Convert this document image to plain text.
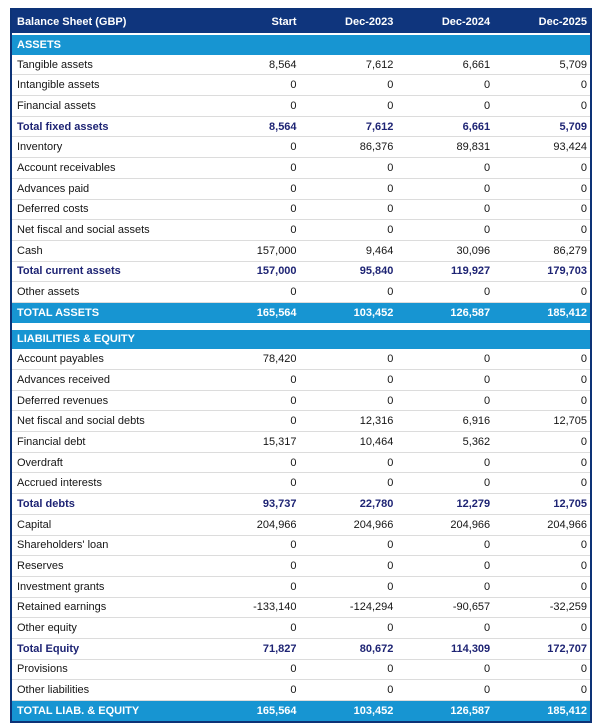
Balance Sheet (GBP)	Start	Dec-2023	Dec-2024	Dec-2025
ASSETS				
Tangible assets	8,564	7,612	6,661	5,709
Intangible assets	0	0	0	0
Financial assets	0	0	0	0
Total fixed assets	8,564	7,612	6,661	5,709
Inventory	0	86,376	89,831	93,424
Account receivables	0	0	0	0
Advances paid	0	0	0	0
Deferred costs	0	0	0	0
Net fiscal and social assets	0	0	0	0
Cash	157,000	9,464	30,096	86,279
Total current assets	157,000	95,840	119,927	179,703
Other assets	0	0	0	0
TOTAL ASSETS	165,564	103,452	126,587	185,412

LIABILITIES & EQUITY				
Account payables	78,420	0	0	0
Advances received	0	0	0	0
Deferred revenues	0	0	0	0
Net fiscal and social debts	0	12,316	6,916	12,705
Financial debt	15,317	10,464	5,362	0
Overdraft	0	0	0	0
Accrued interests	0	0	0	0
Total debts	93,737	22,780	12,279	12,705
Capital	204,966	204,966	204,966	204,966
Shareholders' loan	0	0	0	0
Reserves	0	0	0	0
Investment grants	0	0	0	0
Retained earnings	-133,140	-124,294	-90,657	-32,259
Other equity	0	0	0	0
Total Equity	71,827	80,672	114,309	172,707
Provisions	0	0	0	0
Other liabilities	0	0	0	0
TOTAL LIAB. & EQUITY	165,564	103,452	126,587	185,412
